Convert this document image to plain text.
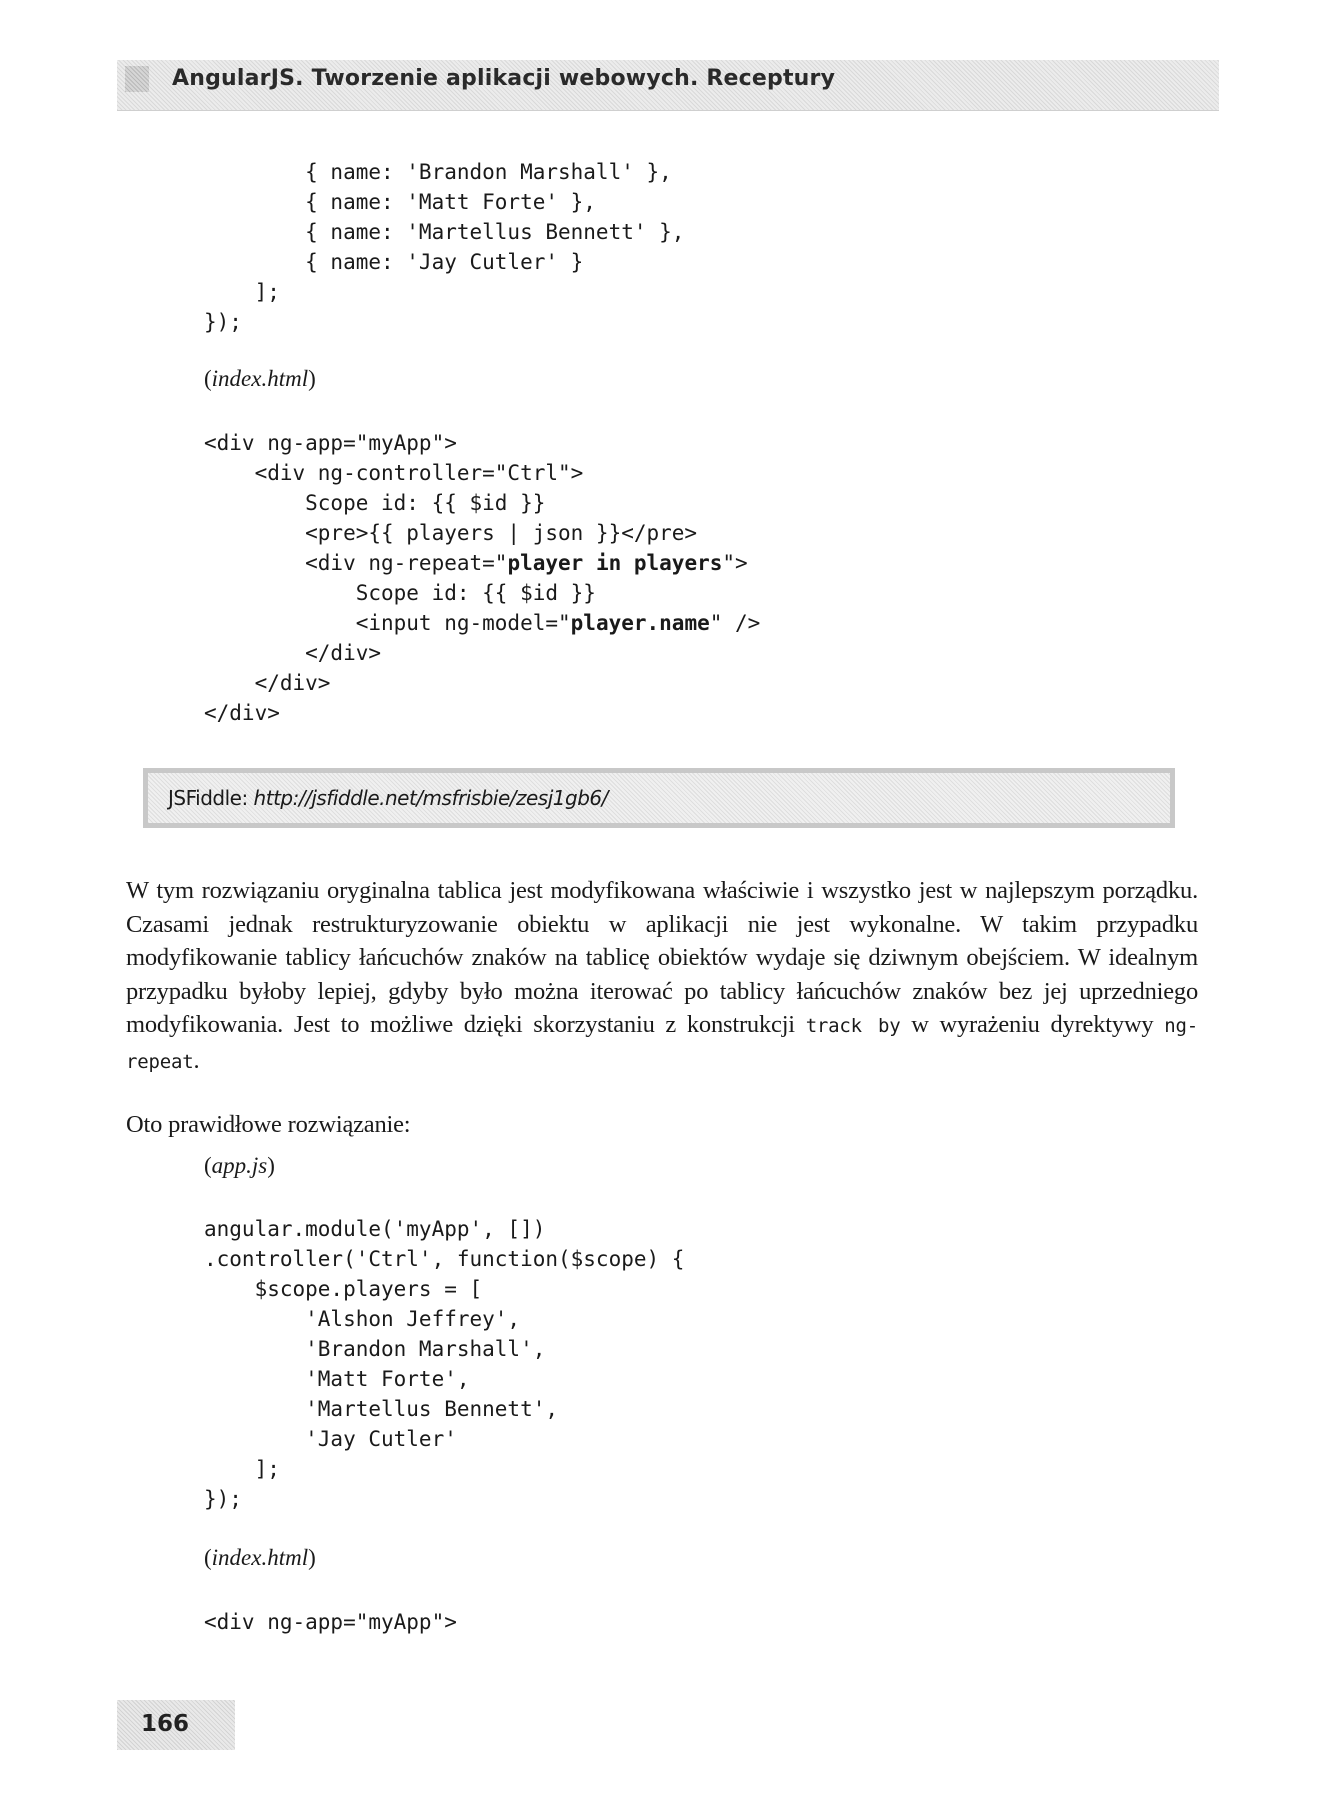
AngularJS. Tworzenie aplikacji webowych. Receptury
{ name: 'Brandon Marshall' },
{ name: 'Matt Forte' },
{ name: 'Martellus Bennett' },
{ name: 'Jay Cutler' }
];
});
(index.html)
<div ng-app="myApp">
<div ng-controller="Ctrl">
Scope id: {{ $id }}
<pre>{{ players | json }}</pre>
<div ng-repeat="player in players">
Scope id: {{ $id }}
<input ng-model="player.name" />
</div>
</div>
</div>
JSFiddle: http://jsfiddle.net/msfrisbie/zesj1gb6/

W tym rozwiązaniu oryginalna tablica jest modyfikowana właściwie i wszystko jest w najlepszym porządku. Czasami jednak restrukturyzowanie obiektu w aplikacji nie jest wykonalne. W takim przypadku modyfikowanie tablicy łańcuchów znaków na tablicę obiektów wydaje się dziwnym obejściem. W idealnym przypadku byłoby lepiej, gdyby było można iterować po tablicy łańcuchów znaków bez jej uprzedniego modyfikowania. Jest to możliwe dzięki skorzystaniu z konstrukcji track by w wyrażeniu dyrektywy ng-repeat.

Oto prawidłowe rozwiązanie:

(app.js)
angular.module('myApp', [])
.controller('Ctrl', function($scope) {
$scope.players = [
'Alshon Jeffrey',
'Brandon Marshall',
'Matt Forte',
'Martellus Bennett',
'Jay Cutler'
];
});
(index.html)
<div ng-app="myApp">
166
